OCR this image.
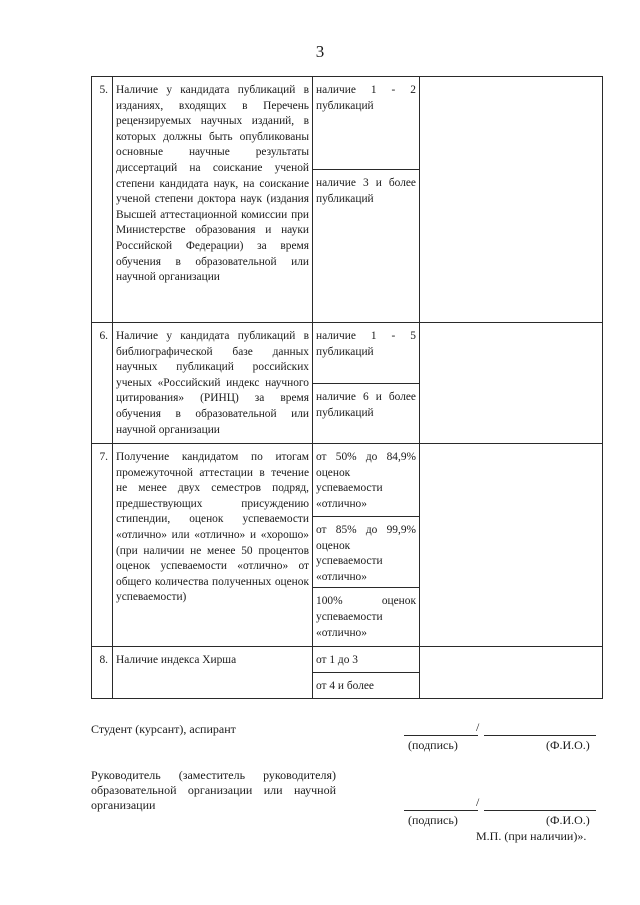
3
5.	Наличие у кандидата публикаций в изданиях, входящих в Перечень рецензируемых научных изданий, в которых должны быть опубликованы основные научные результаты диссертаций на соискание ученой степени кандидата наук, на соискание ученой степени доктора наук (издания Высшей аттестационной комиссии при Министерстве образования и науки Российской Федерации) за время обучения в образовательной или научной организации	наличие 1 - 2 публикаций	
		наличие 3 и более публикаций	
6.	Наличие у кандидата публикаций в библиографической базе данных научных публикаций российских ученых «Российский индекс научного цитирования» (РИНЦ) за время обучения в образовательной или научной организации	наличие 1 - 5 публикаций	
		наличие 6 и более публикаций	
7.	Получение кандидатом по итогам промежуточной аттестации в течение не менее двух семестров подряд, предшествующих присуждению стипендии, оценок успеваемости «отлично» или «отлично» и «хорошо» (при наличии не менее 50 процентов оценок успеваемости «отлично» от общего количества полученных оценок успеваемости)	от 50% до 84,9% оценок успеваемости «отлично»	
		от 85% до 99,9% оценок успеваемости «отлично»	
		100% оценок успеваемости «отлично»	
8.	Наличие индекса Хирша	от 1 до 3	
		от 4 и более	
Студент (курсант), аспирант	/
(подпись)	(Ф.И.О.)
Руководитель (заместитель руководителя) образовательной организации или научной организации	/
(подпись)	(Ф.И.О.)
М.П. (при наличии)».
